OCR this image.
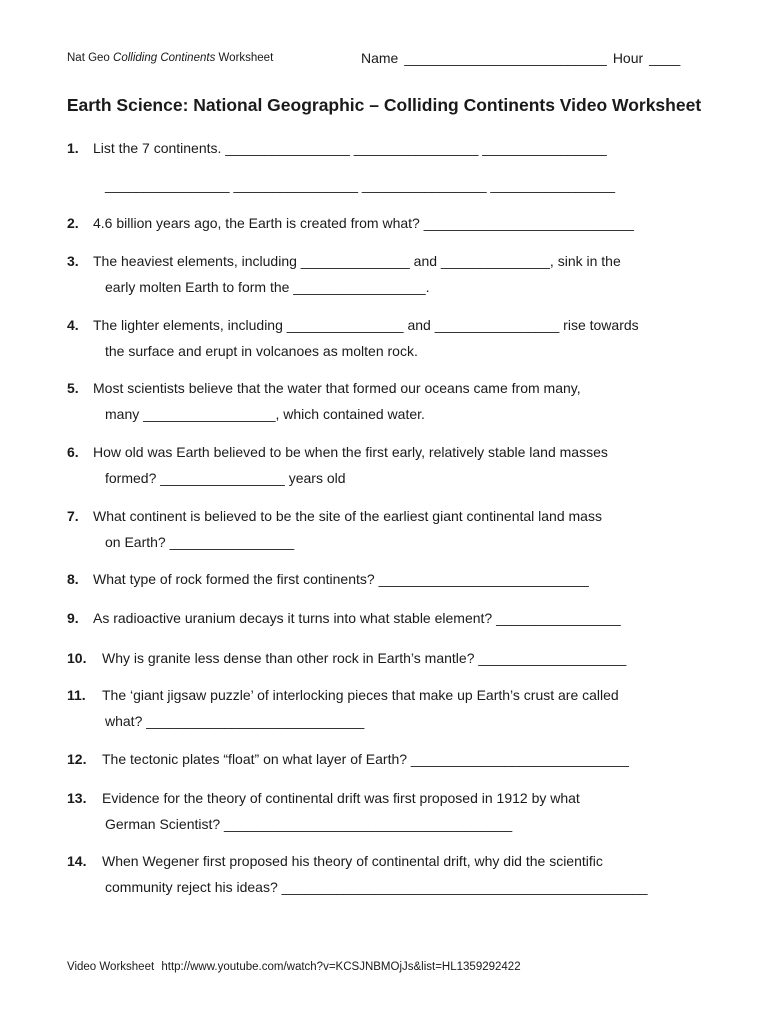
Nat Geo Colliding Continents Worksheet	Name __________________________ Hour ____
Earth Science: National Geographic – Colliding Continents Video Worksheet
1. List the 7 continents. ________________ ________________ ________________
________________ ________________ ________________ ________________
2. 4.6 billion years ago, the Earth is created from what? ___________________________
3. The heaviest elements, including ______________ and ______________, sink in the
early molten Earth to form the _________________.
4. The lighter elements, including _______________ and ________________ rise towards
the surface and erupt in volcanoes as molten rock.
5. Most scientists believe that the water that formed our oceans came from many,
many _________________, which contained water.
6. How old was Earth believed to be when the first early, relatively stable land masses
formed? ________________ years old
7. What continent is believed to be the site of the earliest giant continental land mass
on Earth? ________________
8. What type of rock formed the first continents? ___________________________
9. As radioactive uranium decays it turns into what stable element? ________________
10. Why is granite less dense than other rock in Earth’s mantle? ___________________
11. The ‘giant jigsaw puzzle’ of interlocking pieces that make up Earth’s crust are called
what? ____________________________
12. The tectonic plates “float” on what layer of Earth? ____________________________
13. Evidence for the theory of continental drift was first proposed in 1912 by what
German Scientist? _____________________________________
14. When Wegener first proposed his theory of continental drift, why did the scientific
community reject his ideas? _______________________________________________
Video Worksheet http://www.youtube.com/watch?v=KCSJNBMOjJs&list=HL1359292422
